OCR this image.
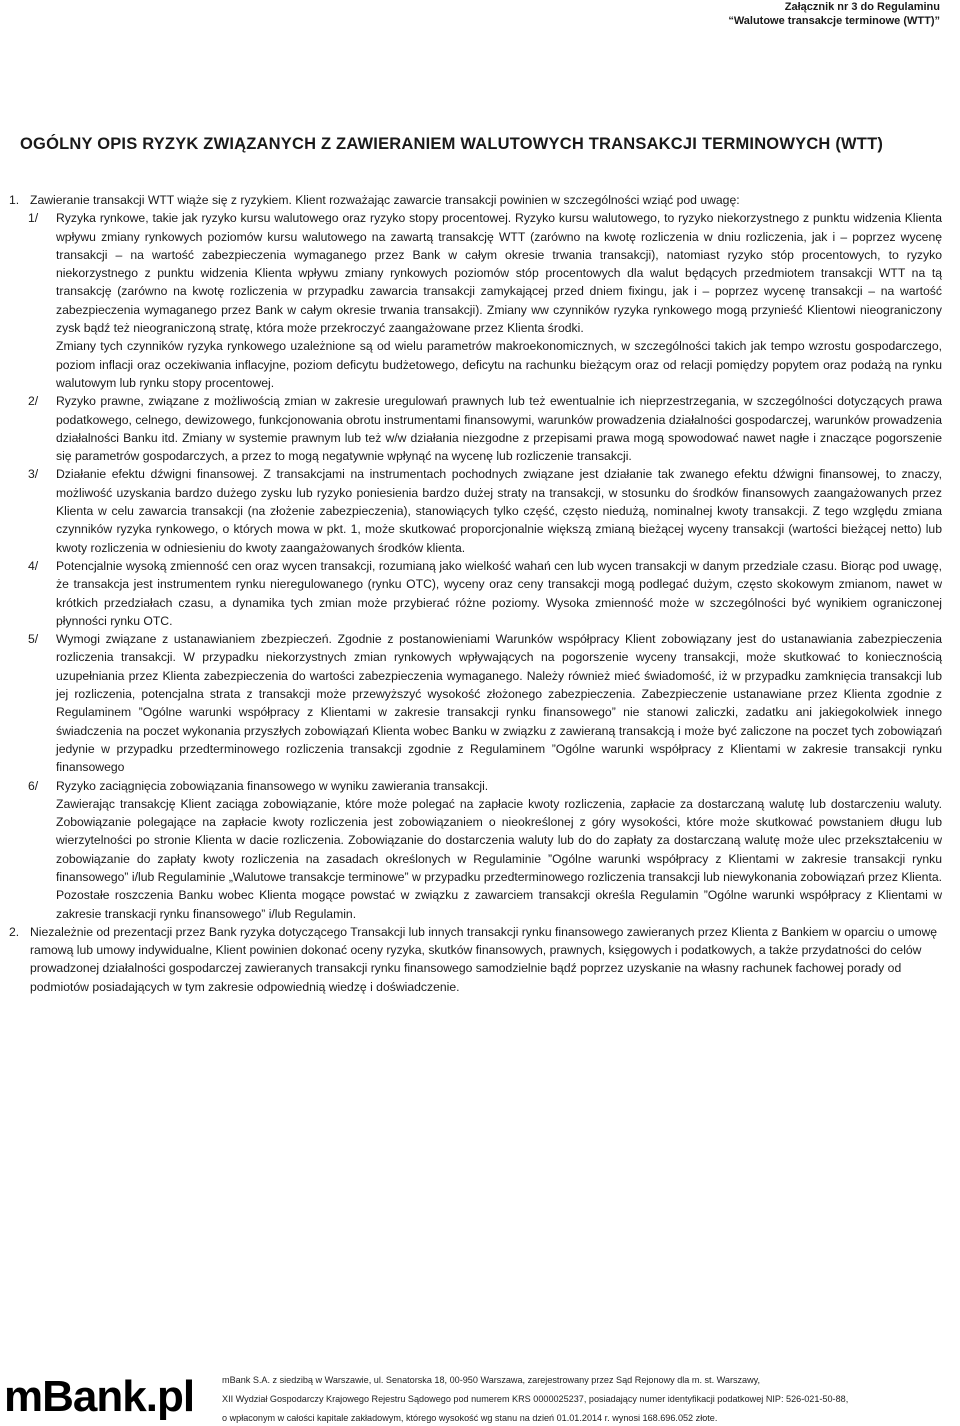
Załącznik nr 3 do Regulaminu
“Walutowe transakcje terminowe (WTT)”
OGÓLNY OPIS RYZYK ZWIĄZANYCH Z ZAWIERANIEM WALUTOWYCH TRANSAKCJI TERMINOWYCH (WTT)
1. Zawieranie transakcji WTT wiąże się z ryzykiem. Klient rozważając zawarcie transakcji powinien w szczególności wziąć pod uwagę:

1/ Ryzyka rynkowe, takie jak ryzyko kursu walutowego oraz ryzyko stopy procentowej. Ryzyko kursu walutowego, to ryzyko niekorzystnego z punktu widzenia Klienta wpływu zmiany rynkowych poziomów kursu walutowego na zawartą transakcję WTT (zarówno na kwotę rozliczenia w dniu rozliczenia, jak i – poprzez wycenę transakcji – na wartość zabezpieczenia wymaganego przez Bank w całym okresie trwania transakcji), natomiast ryzyko stóp procentowych, to ryzyko niekorzystnego z punktu widzenia Klienta wpływu zmiany rynkowych poziomów stóp procentowych dla walut będących przedmiotem transakcji WTT na tą transakcję (zarówno na kwotę rozliczenia w przypadku zawarcia transakcji zamykającej przed dniem fixingu, jak i – poprzez wycenę transakcji – na wartość zabezpieczenia wymaganego przez Bank w całym okresie trwania transakcji). Zmiany ww czynników ryzyka rynkowego mogą przynieść Klientowi nieograniczony zysk bądź też nieograniczoną stratę, która może przekroczyć zaangażowane przez Klienta środki.

Zmiany tych czynników ryzyka rynkowego uzależnione są od wielu parametrów makroekonomicznych, w szczególności takich jak tempo wzrostu gospodarczego, poziom inflacji oraz oczekiwania inflacyjne, poziom deficytu budżetowego, deficytu na rachunku bieżącym oraz od relacji pomiędzy popytem oraz podażą na rynku walutowym lub rynku stopy procentowej.

2/ Ryzyko prawne, związane z możliwością zmian w zakresie uregulowań prawnych lub też ewentualnie ich nieprzestrzegania, w szczególności dotyczących prawa podatkowego, celnego, dewizowego, funkcjonowania obrotu instrumentami finansowymi, warunków prowadzenia działalności gospodarczej, warunków prowadzenia działalności Banku itd. Zmiany w systemie prawnym lub też w/w działania niezgodne z przepisami prawa mogą spowodować nawet nagłe i znaczące pogorszenie się parametrów gospodarczych, a przez to mogą negatywnie wpłynąć na wycenę lub rozliczenie transakcji.

3/ Działanie efektu dźwigni finansowej. Z transakcjami na instrumentach pochodnych związane jest działanie tak zwanego efektu dźwigni finansowej, to znaczy, możliwość uzyskania bardzo dużego zysku lub ryzyko poniesienia bardzo dużej straty na transakcji, w stosunku do środków finansowych zaangażowanych przez Klienta w celu zawarcia transakcji (na złożenie zabezpieczenia), stanowiących tylko część, często niedużą, nominalnej kwoty transakcji. Z tego względu zmiana czynników ryzyka rynkowego, o których mowa w pkt. 1, może skutkować proporcjonalnie większą zmianą bieżącej wyceny transakcji (wartości bieżącej netto) lub kwoty rozliczenia w odniesieniu do kwoty zaangażowanych środków klienta.

4/ Potencjalnie wysoką zmienność cen oraz wycen transakcji, rozumianą jako wielkość wahań cen lub wycen transakcji w danym przedziale czasu. Biorąc pod uwagę, że transakcja jest instrumentem rynku nieregulowanego (rynku OTC), wyceny oraz ceny transakcji mogą podlegać dużym, często skokowym zmianom, nawet w krótkich przedziałach czasu, a dynamika tych zmian może przybierać różne poziomy. Wysoka zmienność może w szczególności być wynikiem ograniczonej płynności rynku OTC.

5/ Wymogi związane z ustanawianiem zbezpieczeń. Zgodnie z postanowieniami Warunków współpracy Klient zobowiązany jest do ustanawiania zabezpieczenia rozliczenia transakcji. W przypadku niekorzystnych zmian rynkowych wpływających na pogorszenie wyceny transakcji, może skutkować to koniecznością uzupełniania przez Klienta zabezpieczenia do wartości zabezpieczenia wymaganego. Należy również mieć świadomość, iż w przypadku zamknięcia transakcji lub jej rozliczenia, potencjalna strata z transakcji może przewyższyć wysokość złożonego zabezpieczenia. Zabezpieczenie ustanawiane przez Klienta zgodnie z Regulaminem ”Ogólne warunki współpracy z Klientami w zakresie transakcji rynku finansowego” nie stanowi zaliczki, zadatku ani jakiegokolwiek innego świadczenia na poczet wykonania przyszłych zobowiązań Klienta wobec Banku w związku z zawieraną transakcją i może być zaliczone na poczet tych zobowiązań jedynie w przypadku przedterminowego rozliczenia transakcji zgodnie z Regulaminem ”Ogólne warunki współpracy z Klientami w zakresie transakcji rynku finansowego

6/ Ryzyko zaciągnięcia zobowiązania finansowego w wyniku zawierania transakcji.

Zawierając transakcję Klient zaciąga zobowiązanie, które może polegać na zapłacie kwoty rozliczenia, zapłacie za dostarczaną walutę lub dostarczeniu waluty. Zobowiązanie polegające na zapłacie kwoty rozliczenia jest zobowiązaniem o nieokreślonej z góry wysokości, które może skutkować powstaniem długu lub wierzytelności po stronie Klienta w dacie rozliczenia. Zobowiązanie do dostarczenia waluty lub do do zapłaty za dostarczaną walutę może ulec przekształceniu w zobowiązanie do zapłaty kwoty rozliczenia na zasadach określonych w Regulaminie ”Ogólne warunki współpracy z Klientami w zakresie transakcji rynku finansowego” i/lub Regulaminie „Walutowe transakcje terminowe” w przypadku przedterminowego rozliczenia transakcji lub niewykonania zobowiązań przez Klienta. Pozostałe roszczenia Banku wobec Klienta mogące powstać w związku z zawarciem transakcji określa Regulamin ”Ogólne warunki współpracy z Klientami w zakresie transkacji rynku finansowego” i/lub Regulamin.

2. Niezależnie od prezentacji przez Bank ryzyka dotyczącego Transakcji lub innych transakcji rynku finansowego zawieranych przez Klienta z Bankiem w oparciu o umowę ramową lub umowy indywidualne, Klient powinien dokonać oceny ryzyka, skutków finansowych, prawnych, księgowych i podatkowych, a także przydatności do celów prowadzonej działalności gospodarczej zawieranych transakcji rynku finansowego samodzielnie bądź poprzez uzyskanie na własny rachunek fachowej porady od podmiotów posiadających w tym zakresie odpowiednią wiedzę i doświadczenie.

mBank.pl	mBank S.A. z siedzibą w Warszawie, ul. Senatorska 18, 00-950 Warszawa, zarejestrowany przez Sąd Rejonowy dla m. st. Warszawy,
XII Wydział Gospodarczy Krajowego Rejestru Sądowego pod numerem KRS 0000025237, posiadający numer identyfikacji podatkowej NIP: 526-021-50-88,
o wpłaconym w całości kapitale zakładowym, którego wysokość wg stanu na dzień 01.01.2014 r. wynosi 168.696.052 złote.
